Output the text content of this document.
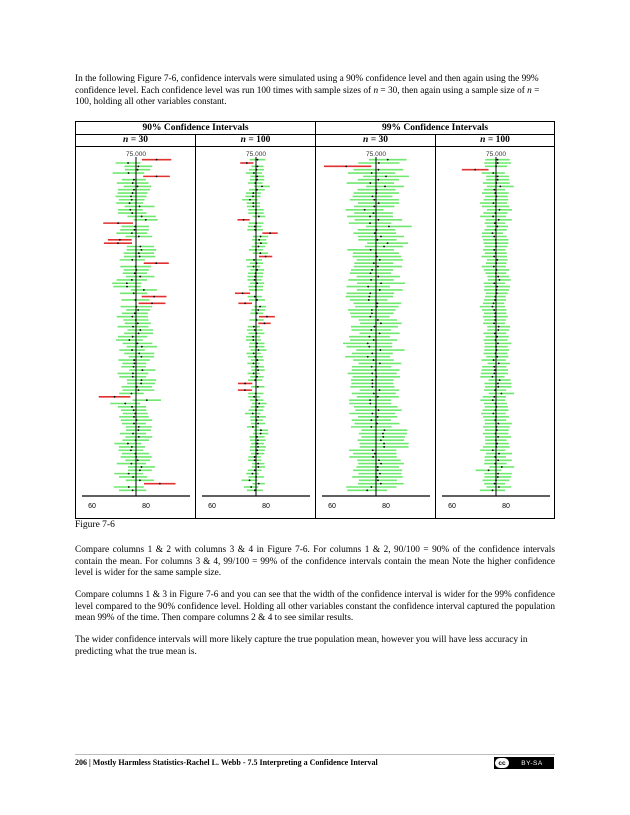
In the following Figure 7-6, confidence intervals were simulated using a 90% confidence level and then again using the 99% confidence level. Each confidence level was run 100 times with sample sizes of n = 30, then again using a sample size of n = 100, holding all other variables constant.

90% Confidence Intervals	99% Confidence Intervals
n = 30	n = 100	n = 30	n = 100
75.000
60	80
75.000
60	80
75.000
60	80
75.000
60	80
Figure 7-6

Compare columns 1 & 2 with columns 3 & 4 in Figure 7-6. For columns 1 & 2, 90/100 = 90% of the confidence intervals contain the mean. For columns 3 & 4, 99/100 = 99% of the confidence intervals contain the mean Note the higher confidence level is wider for the same sample size.

Compare columns 1 & 3 in Figure 7-6 and you can see that the width of the confidence interval is wider for the 99% confidence level compared to the 90% confidence level. Holding all other variables constant the confidence interval captured the population mean 99% of the time. Then compare columns 2 & 4 to see similar results.

The wider confidence intervals will more likely capture the true population mean, however you will have less accuracy in predicting what the true mean is.

206 | Mostly Harmless Statistics-Rachel L. Webb - 7.5 Interpreting a Confidence Interval	cc	BY-SA
